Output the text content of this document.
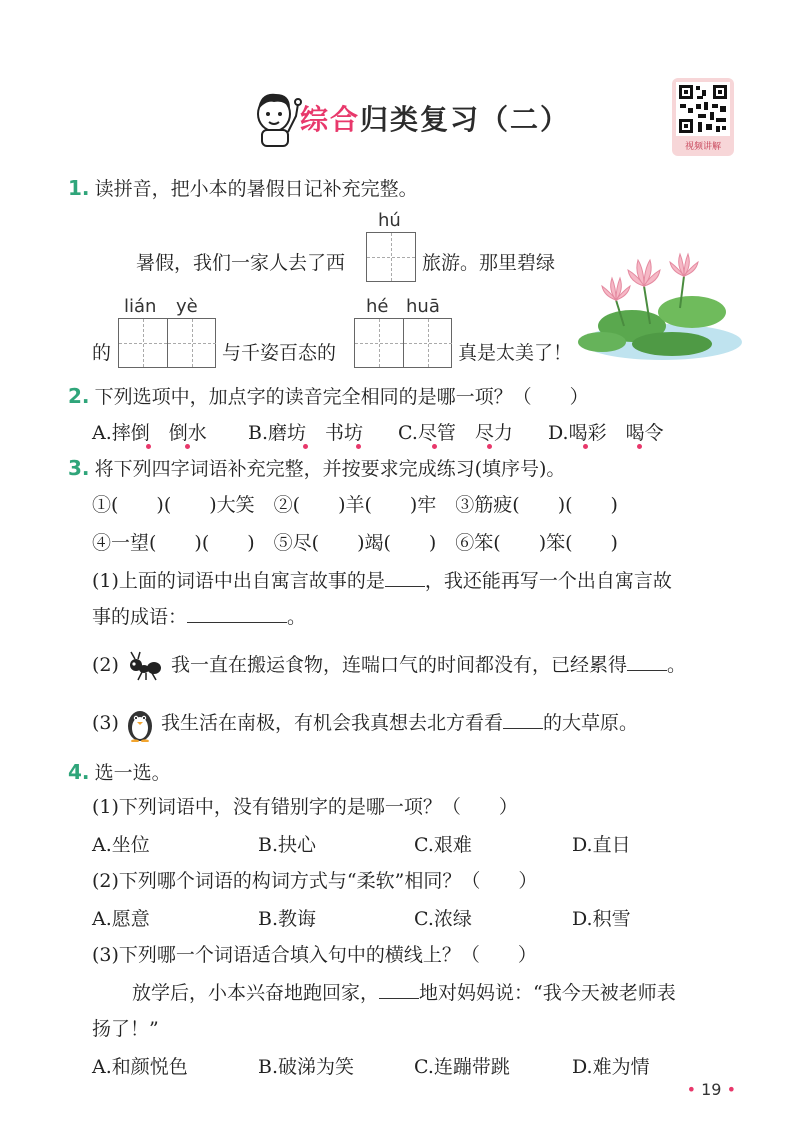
综合归类复习（二）
视频讲解
1. 读拼音，把小本的暑假日记补充完整。
hú
暑假，我们一家人去了西	旅游。那里碧绿
lián yè	hé huā
的	与千姿百态的	真是太美了！
2. 下列选项中，加点字的读音完全相同的是哪一项？（　　）
A.摔倒　倒水 B.磨坊　书坊 C.尽管　尽力 D.喝彩　喝令
3. 将下列四字词语补充完整，并按要求完成练习(填序号)。
①(　　)(　　)大笑　②(　　)羊(　　)牢　③筋疲(　　)(　　)
④一望(　　)(　　)　⑤尽(　　)竭(　　)　⑥笨(　　)笨(　　)
(1)上面的词语中出自寓言故事的是 ，我还能再写一个出自寓言故
事的成语：	。
(2)	我一直在搬运食物，连喘口气的时间都没有，已经累得 。
(3) 我生活在南极，有机会我真想去北方看看 的大草原。
4. 选一选。
(1)下列词语中，没有错别字的是哪一项？（　　）
A.坐位	B.抉心	C.艰难	D.直日
(2)下列哪个词语的构词方式与“柔软”相同？（　　）
A.愿意	B.教诲	C.浓绿	D.积雪
(3)下列哪一个词语适合填入句中的横线上？（　　）
放学后，小本兴奋地跑回家， 地对妈妈说：“我今天被老师表
扬了！”
A.和颜悦色	B.破涕为笑	C.连蹦带跳	D.难为情
• 19 •
